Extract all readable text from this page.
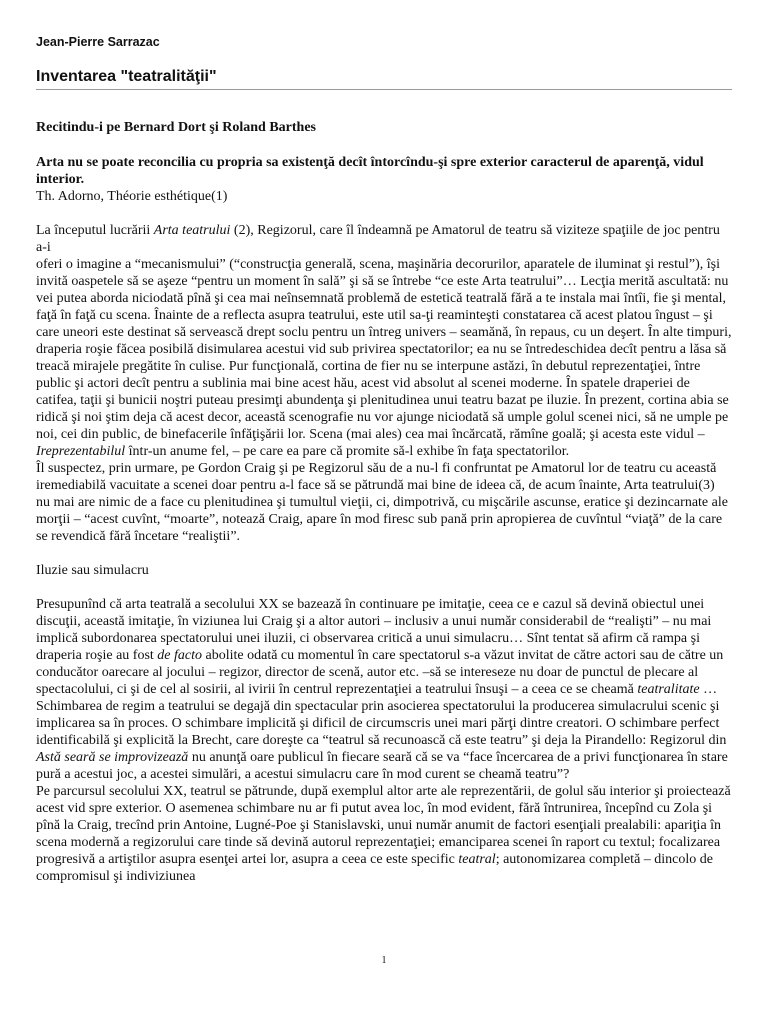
Jean-Pierre Sarrazac
Inventarea "teatralităţii"
Recitindu-i pe Bernard Dort şi Roland Barthes
Arta nu se poate reconcilia cu propria sa existenţă decît întorcîndu-şi spre exterior caracterul de aparenţă, vidul interior.
Th. Adorno, Théorie esthétique(1)
La începutul lucrării Arta teatrului (2), Regizorul, care îl îndeamnă pe Amatorul de teatru să viziteze spaţiile de joc pentru a-i
oferi o imagine a “mecanismului” (“construcţia generală, scena, maşinăria decorurilor, aparatele de iluminat şi restul”), îşi invită oaspetele să se aşeze “pentru un moment în sală” şi să se întrebe “ce este Arta teatrului”… Lecţia merită ascultată: nu vei putea aborda niciodată pînă şi cea mai neînsemnată problemă de estetică teatrală fără a te instala mai întîi, fie şi mental, faţă în faţă cu scena. Înainte de a reflecta asupra teatrului, este util sa-ţi reaminteşti constatarea că acest platou îngust – şi care uneori este destinat să servească drept soclu pentru un întreg univers – seamănă, în repaus, cu un deşert. În alte timpuri, draperia roşie făcea posibilă disimularea acestui vid sub privirea spectatorilor; ea nu se întredeschidea decît pentru a lăsa să treacă mirajele pregătite în culise. Pur funcţională, cortina de fier nu se interpune astăzi, în debutul reprezentaţiei, între public şi actori decît pentru a sublinia mai bine acest hău, acest vid absolut al scenei moderne. În spatele draperiei de catifea, taţii şi bunicii noştri puteau presimţi abundenţa şi plenitudinea unui teatru bazat pe iluzie. În prezent, cortina abia se ridică şi noi ştim deja că acest decor, această scenografie nu vor ajunge niciodată să umple golul scenei nici, să ne umple pe noi, cei din public, de binefacerile înfăţişării lor. Scena (mai ales) cea mai încărcată, rămîne goală; şi acesta este vidul –
Ireprezentabilul într-un anume fel, – pe care ea pare că promite să-l exhibe în faţa spectatorilor.
Îl suspectez, prin urmare, pe Gordon Craig şi pe Regizorul său de a nu-l fi confruntat pe Amatorul lor de teatru cu această iremediabilă vacuitate a scenei doar pentru a-l face să se pătrundă mai bine de ideea că, de acum înainte, Arta teatrului(3) nu mai are nimic de a face cu plenitudinea şi tumultul vieţii, ci, dimpotrivă, cu mişcările ascunse, eratice şi dezincarnate ale morţii – “acest cuvînt, “moarte”, notează Craig, apare în mod firesc sub pană prin apropierea de cuvîntul “viaţă” de la care se revendică fără încetare “realiştii”.
Iluzie sau simulacru
Presupunînd că arta teatrală a secolului XX se bazează în continuare pe imitaţie, ceea ce e cazul să devină obiectul unei discuţii, această imitaţie, în viziunea lui Craig şi a altor autori – inclusiv a unui număr considerabil de “realişti” – nu mai implică subordonarea spectatorului unei iluzii, ci observarea critică a unui simulacru… Sînt tentat să afirm că rampa şi draperia roşie au fost de facto abolite odată cu momentul în care spectatorul s-a văzut invitat de către actori sau de către un conducător oarecare al jocului – regizor, director de scenă, autor etc. –să se intereseze nu doar de punctul de plecare al spectacolului, ci şi de cel al sosirii, al ivirii în centrul reprezentaţiei a teatrului însuşi – a ceea ce se cheamă teatralitate …
Schimbarea de regim a teatrului se degajă din spectacular prin asocierea spectatorului la producerea simulacrului scenic şi implicarea sa în proces. O schimbare implicită şi dificil de circumscris unei mari părţi dintre creatori. O schimbare perfect identificabilă şi explicită la Brecht, care doreşte ca “teatrul să recunoască că este teatru” şi deja la Pirandello: Regizorul din Astă seară se improvizează nu anunţă oare publicul în fiecare seară că se va “face încercarea de a privi funcţionarea în stare pură a acestui joc, a acestei simulări, a acestui simulacru care în mod curent se cheamă teatru”?
Pe parcursul secolului XX, teatrul se pătrunde, după exemplul altor arte ale reprezentării, de golul său interior şi proiectează acest vid spre exterior. O asemenea schimbare nu ar fi putut avea loc, în mod evident, fără întrunirea, începînd cu Zola şi pînă la Craig, trecînd prin Antoine, Lugné-Poe şi Stanislavski, unui număr anumit de factori esenţiali prealabili: apariţia în scena modernă a regizorului care tinde să devină autorul reprezentaţiei; emanciparea scenei în raport cu textul; focalizarea progresivă a artiştilor asupra esenţei artei lor, asupra a ceea ce este specific teatral; autonomizarea completă – dincolo de compromisul şi indiviziunea
1
